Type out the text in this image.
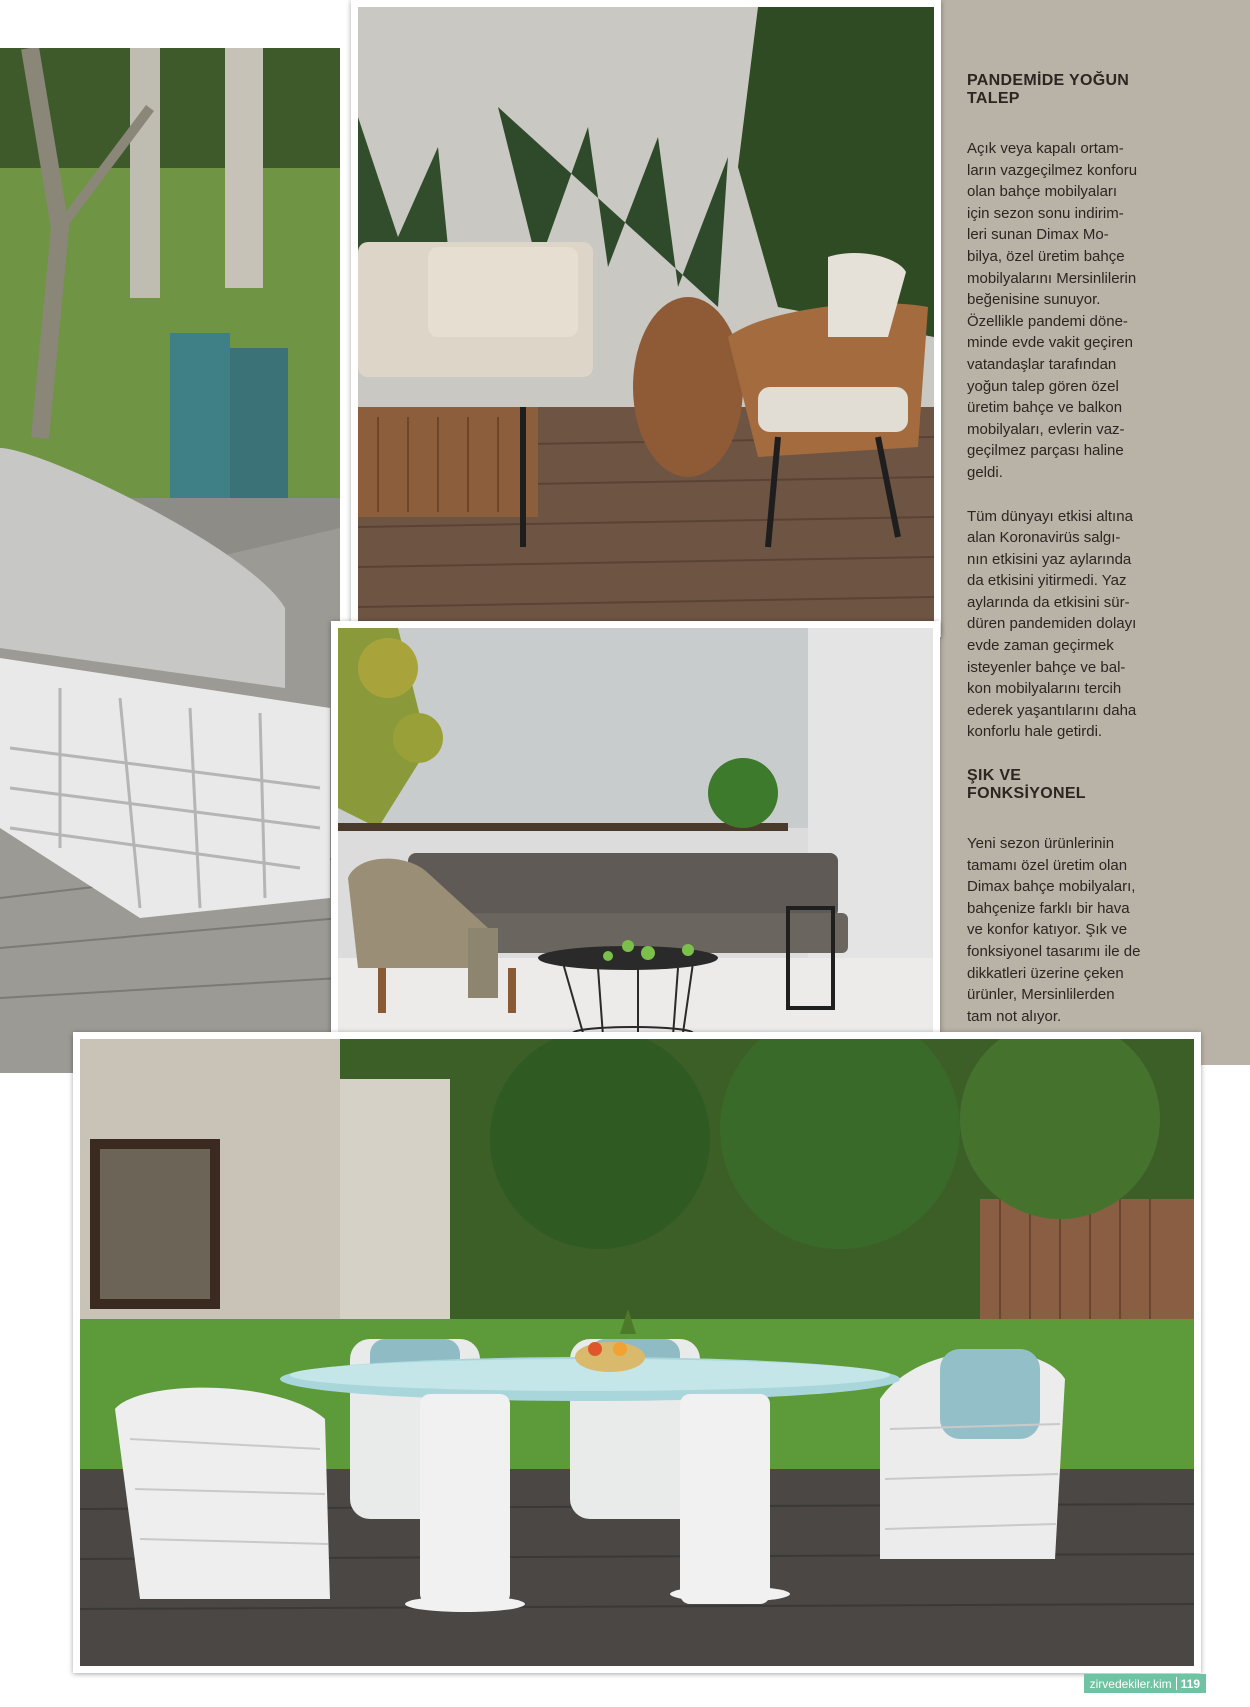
PANDEMİDE YOĞUN
TALEP

Açık veya kapalı ortam-
ların vazgeçilmez konforu
olan bahçe mobilyaları
için sezon sonu indirim-
leri sunan Dimax Mo-
bilya, özel üretim bahçe
mobilyalarını Mersinlilerin
beğenisine sunuyor.
Özellikle pandemi döne-
minde evde vakit geçiren
vatandaşlar tarafından
yoğun talep gören özel
üretim bahçe ve balkon
mobilyaları, evlerin vaz-
geçilmez parçası haline
geldi.

Tüm dünyayı etkisi altına
alan Koronavirüs salgı-
nın etkisini yaz aylarında
da etkisini yitirmedi. Yaz
aylarında da etkisini sür-
düren pandemiden dolayı
evde zaman geçirmek
isteyenler bahçe ve bal-
kon mobilyalarını tercih
ederek yaşantılarını daha
konforlu hale getirdi.

ŞIK VE
FONKSİYONEL

Yeni sezon ürünlerinin
tamamı özel üretim olan
Dimax bahçe mobilyaları,
bahçenize farklı bir hava
ve konfor katıyor. Şık ve
fonksiyonel tasarımı ile de
dikkatleri üzerine çeken
ürünler, Mersinlilerden
tam not alıyor.

zirvedekiler.kim 119
